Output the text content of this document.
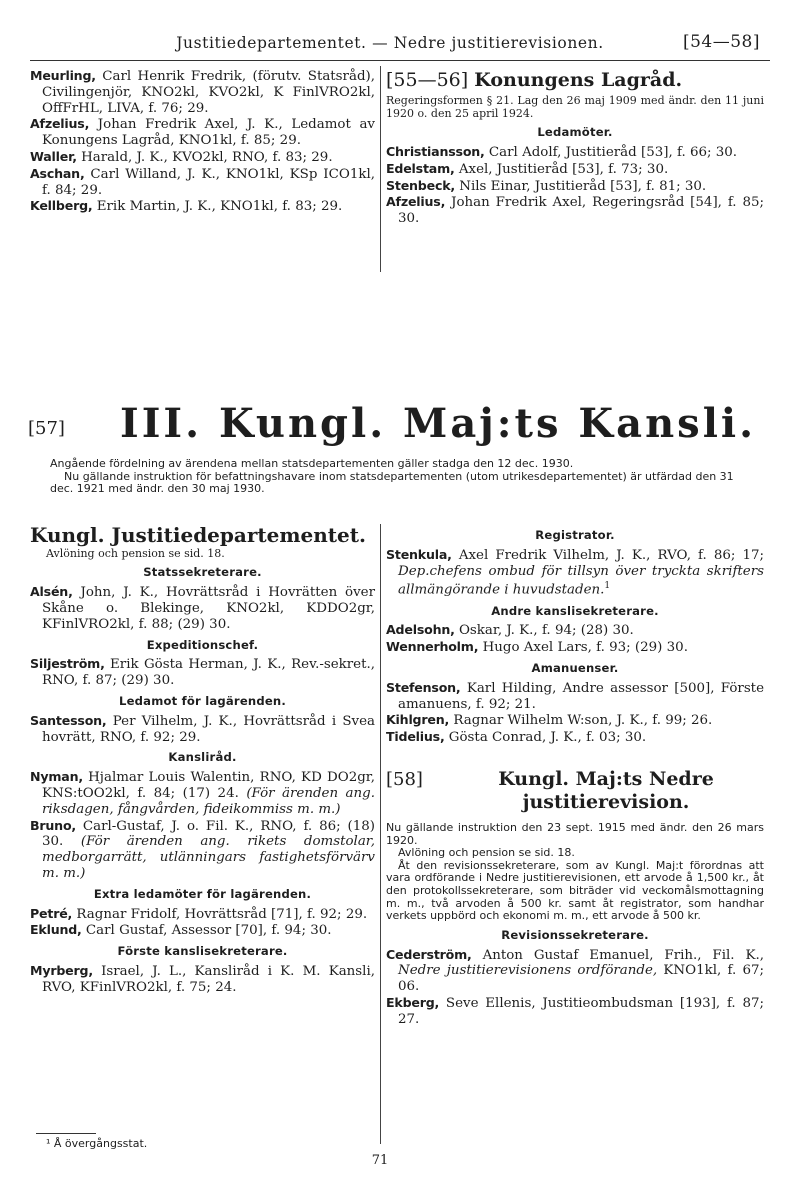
Justitiedepartementet. — Nedre justitierevisionen.	[54—58]

Meurling, Carl Henrik Fredrik, (förutv. Statsråd), Civilingenjör, KNO2kl, KVO2kl, K FinlVRO2kl, OffFrHL, LIVA, f. 76; 29.

Afzelius, Johan Fredrik Axel, J. K., Ledamot av Konungens Lagråd, KNO1kl, f. 85; 29.

Waller, Harald, J. K., KVO2kl, RNO, f. 83; 29.

Aschan, Carl Willand, J. K., KNO1kl, KSp ICO1kl, f. 84; 29.

Kellberg, Erik Martin, J. K., KNO1kl, f. 83; 29.

[55—56] Konungens Lagråd.
Regeringsformen § 21. Lag den 26 maj 1909 med ändr. den 11 juni 1920 o. den 25 april 1924.
Ledamöter.

Christiansson, Carl Adolf, Justitieråd [53], f. 66; 30.

Edelstam, Axel, Justitieråd [53], f. 73; 30.

Stenbeck, Nils Einar, Justitieråd [53], f. 81; 30.

Afzelius, Johan Fredrik Axel, Regeringsråd [54], f. 85; 30.

[57] III. Kungl. Maj:ts Kansli.
Angående fördelning av ärendena mellan statsdepartementen gäller stadga den 12 dec. 1930.
Nu gällande instruktion för befattningshavare inom statsdepartementen (utom utrikesdepartementet) är utfärdad den 31 dec. 1921 med ändr. den 30 maj 1930.
Kungl. Justitiedepartementet.
Avlöning och pension se sid. 18.
Statssekreterare.

Alsén, John, J. K., Hovrättsråd i Hovrätten över Skåne o. Blekinge, KNO2kl, KDDO2gr, KFinlVRO2kl, f. 88; (29) 30.

Expeditionschef.

Siljeström, Erik Gösta Herman, J. K., Rev.-sekret., RNO, f. 87; (29) 30.

Ledamot för lagärenden.

Santesson, Per Vilhelm, J. K., Hovrättsråd i Svea hovrätt, RNO, f. 92; 29.

Kansliråd.

Nyman, Hjalmar Louis Walentin, RNO, KD DO2gr, KNS:tOO2kl, f. 84; (17) 24. (För ärenden ang. riksdagen, fångvården, fideikommiss m. m.)

Bruno, Carl-Gustaf, J. o. Fil. K., RNO, f. 86; (18) 30. (För ärenden ang. rikets domstolar, medborgarrätt, utlänningars fastighetsförvärv m. m.)

Extra ledamöter för lagärenden.

Petré, Ragnar Fridolf, Hovrättsråd [71], f. 92; 29.

Eklund, Carl Gustaf, Assessor [70], f. 94; 30.

Förste kanslisekreterare.

Myrberg, Israel, J. L., Kansliråd i K. M. Kansli, RVO, KFinlVRO2kl, f. 75; 24.

Registrator.

Stenkula, Axel Fredrik Vilhelm, J. K., RVO, f. 86; 17; Dep.chefens ombud för tillsyn över tryckta skrifters allmängörande i huvudstaden.$^1$

Andre kanslisekreterare.

Adelsohn, Oskar, J. K., f. 94; (28) 30.

Wennerholm, Hugo Axel Lars, f. 93; (29) 30.

Amanuenser.

Stefenson, Karl Hilding, Andre assessor [500], Förste amanuens, f. 92; 21.

Kihlgren, Ragnar Wilhelm W:son, J. K., f. 99; 26.

Tidelius, Gösta Conrad, J. K., f. 03; 30.

[58]	Kungl. Maj:ts Nedre justitierevision.
Nu gällande instruktion den 23 sept. 1915 med ändr. den 26 mars 1920.
Avlöning och pension se sid. 18.
Åt den revisionssekreterare, som av Kungl. Maj:t förordnas att vara ordförande i Nedre justitierevisionen, ett arvode å 1,500 kr., åt den protokollssekreterare, som biträder vid veckomålsmottagning m. m., två arvoden å 500 kr. samt åt registrator, som handhar verkets uppbörd och ekonomi m. m., ett arvode å 500 kr.
Revisionssekreterare.

Cederström, Anton Gustaf Emanuel, Frih., Fil. K., Nedre justitierevisionens ordförande, KNO1kl, f. 67; 06.

Ekberg, Seve Ellenis, Justitieombudsman [193], f. 87; 27.

¹ Å övergångsstat.
71
